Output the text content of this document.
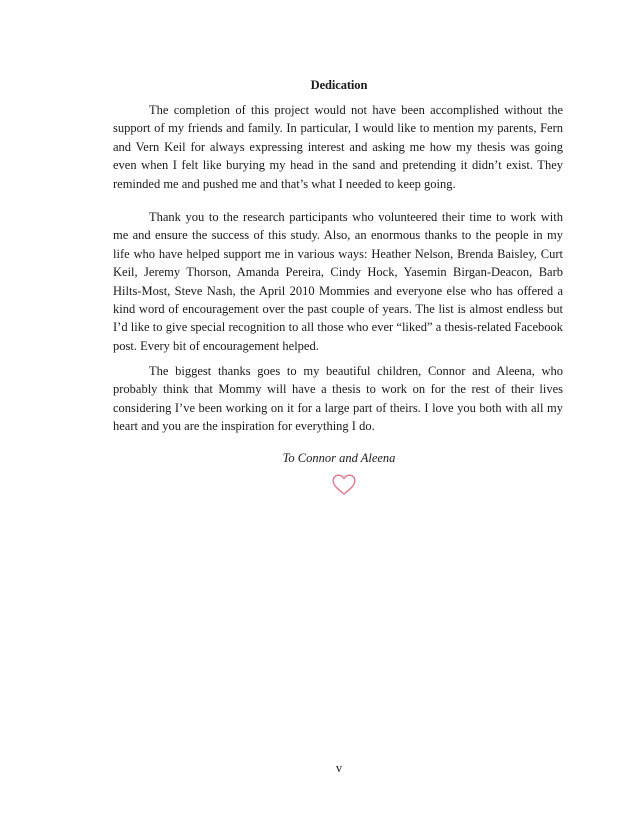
Dedication

The completion of this project would not have been accomplished without the support of my friends and family. In particular, I would like to mention my parents, Fern and Vern Keil for always expressing interest and asking me how my thesis was going even when I felt like burying my head in the sand and pretending it didn’t exist. They reminded me and pushed me and that’s what I needed to keep going.

Thank you to the research participants who volunteered their time to work with me and ensure the success of this study. Also, an enormous thanks to the people in my life who have helped support me in various ways: Heather Nelson, Brenda Baisley, Curt Keil, Jeremy Thorson, Amanda Pereira, Cindy Hock, Yasemin Birgan-Deacon, Barb Hilts-Most, Steve Nash, the April 2010 Mommies and everyone else who has offered a kind word of encouragement over the past couple of years. The list is almost endless but I’d like to give special recognition to all those who ever “liked” a thesis-related Facebook post. Every bit of encouragement helped.

The biggest thanks goes to my beautiful children, Connor and Aleena, who probably think that Mommy will have a thesis to work on for the rest of their lives considering I’ve been working on it for a large part of theirs. I love you both with all my heart and you are the inspiration for everything I do.

To Connor and Aleena
v
